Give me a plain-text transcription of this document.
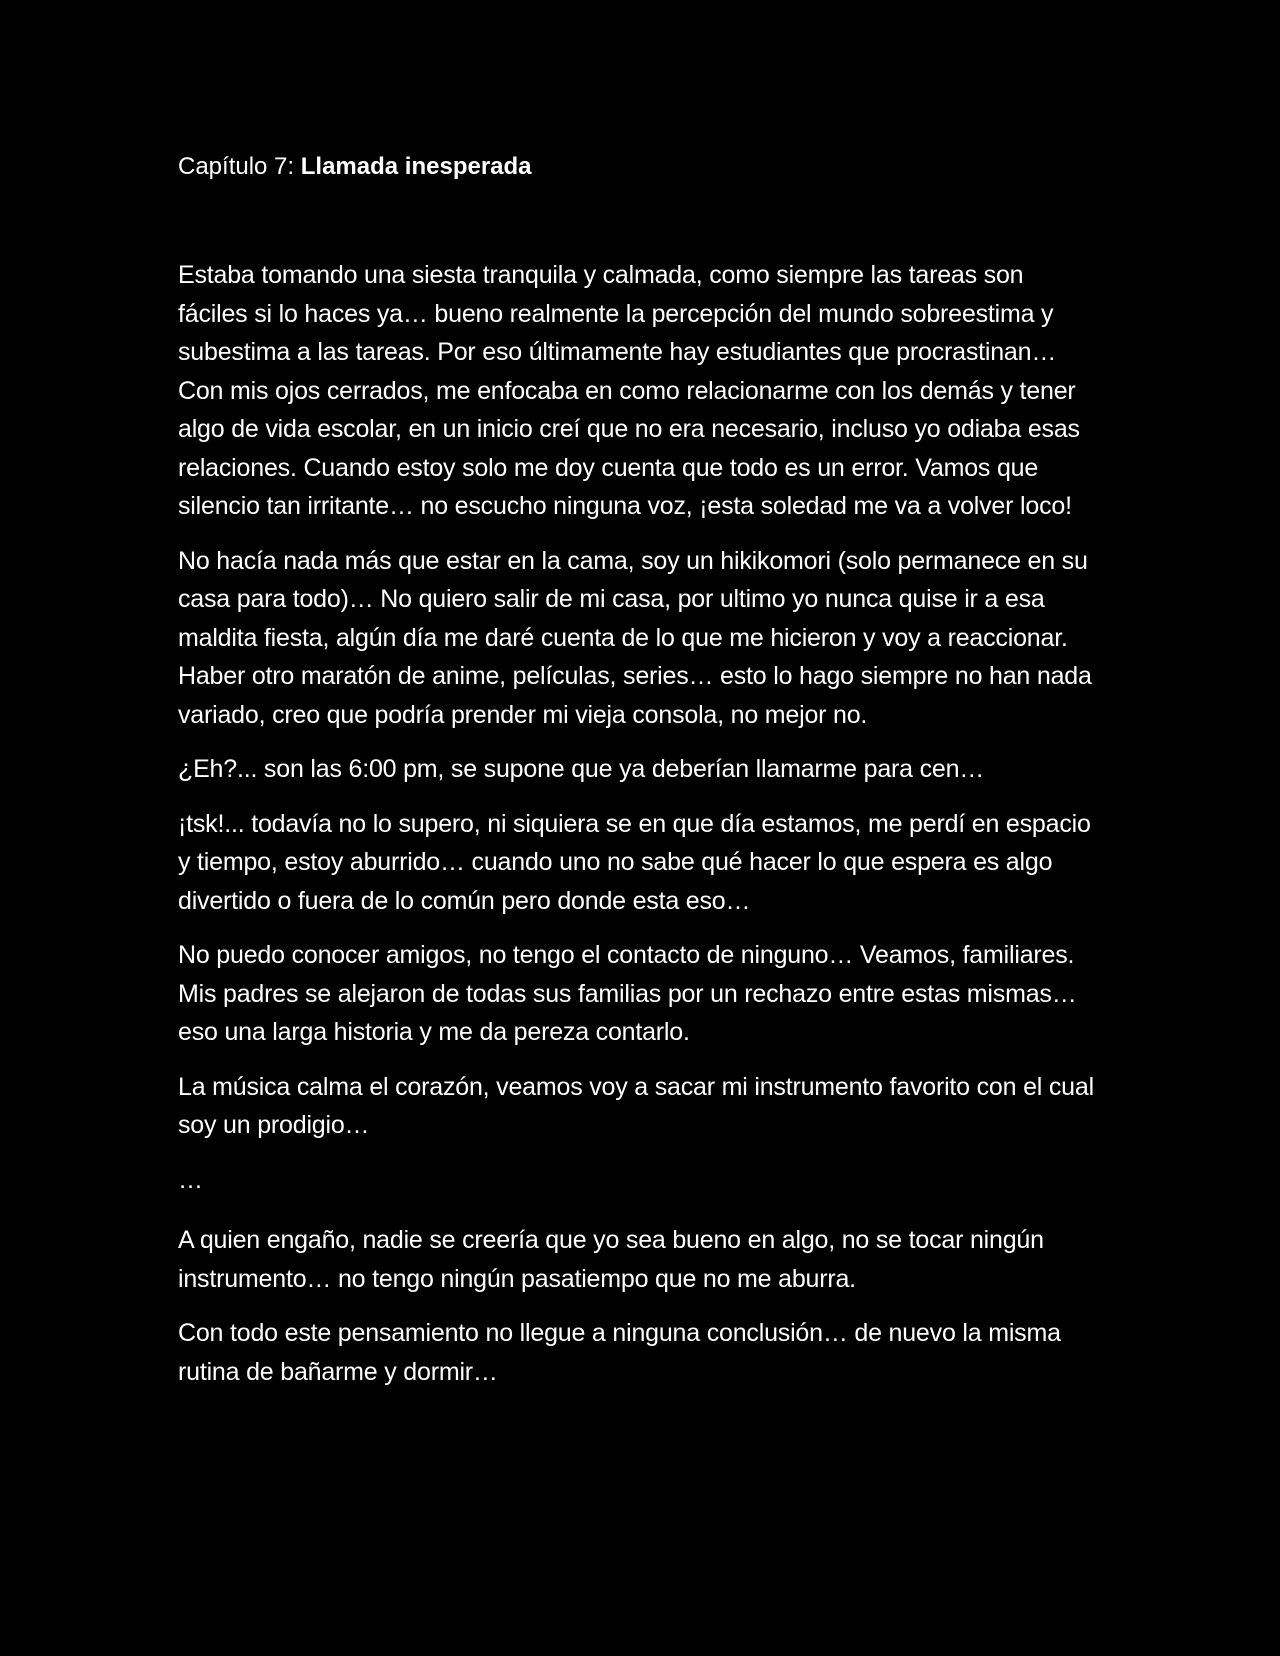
Capítulo 7: Llamada inesperada

Estaba tomando una siesta tranquila y calmada, como siempre las tareas son fáciles si lo haces ya… bueno realmente la percepción del mundo sobreestima y subestima a las tareas. Por eso últimamente hay estudiantes que procrastinan… Con mis ojos cerrados, me enfocaba en como relacionarme con los demás y tener algo de vida escolar, en un inicio creí que no era necesario, incluso yo odiaba esas relaciones. Cuando estoy solo me doy cuenta que todo es un error. Vamos que silencio tan irritante… no escucho ninguna voz, ¡esta soledad me va a volver loco!

No hacía nada más que estar en la cama, soy un hikikomori (solo permanece en su casa para todo)… No quiero salir de mi casa, por ultimo yo nunca quise ir a esa maldita fiesta, algún día me daré cuenta de lo que me hicieron y voy a reaccionar. Haber otro maratón de anime, películas, series… esto lo hago siempre no han nada variado, creo que podría prender mi vieja consola, no mejor no.

¿Eh?... son las 6:00 pm, se supone que ya deberían llamarme para cen…

¡tsk!... todavía no lo supero, ni siquiera se en que día estamos, me perdí en espacio y tiempo, estoy aburrido… cuando uno no sabe qué hacer lo que espera es algo divertido o fuera de lo común pero donde esta eso…

No puedo conocer amigos, no tengo el contacto de ninguno… Veamos, familiares. Mis padres se alejaron de todas sus familias por un rechazo entre estas mismas… eso una larga historia y me da pereza contarlo.

La música calma el corazón, veamos voy a sacar mi instrumento favorito con el cual soy un prodigio…

…

A quien engaño, nadie se creería que yo sea bueno en algo, no se tocar ningún instrumento… no tengo ningún pasatiempo que no me aburra.

Con todo este pensamiento no llegue a ninguna conclusión… de nuevo la misma rutina de bañarme y dormir…
